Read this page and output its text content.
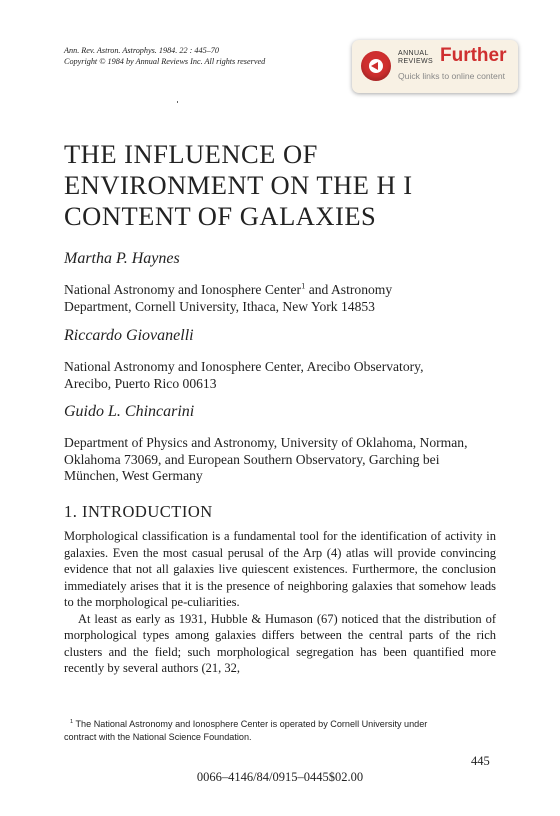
Ann. Rev. Astron. Astrophys. 1984. 22 : 445–70
Copyright © 1984 by Annual Reviews Inc. All rights reserved
ANNUAL
REVIEWS Further
Quick links to online content
THE INFLUENCE OF
ENVIRONMENT ON THE H I
CONTENT OF GALAXIES
Martha P. Haynes
National Astronomy and Ionosphere Center$^1$ and Astronomy
Department, Cornell University, Ithaca, New York 14853
Riccardo Giovanelli
National Astronomy and Ionosphere Center, Arecibo Observatory,
Arecibo, Puerto Rico 00613
Guido L. Chincarini
Department of Physics and Astronomy, University of Oklahoma, Norman,
Oklahoma 73069, and European Southern Observatory, Garching bei
München, West Germany
1. INTRODUCTION

Morphological classification is a fundamental tool for the identification of activity in galaxies. Even the most casual perusal of the Arp (4) atlas will provide convincing evidence that not all galaxies live quiescent existences. Furthermore, the conclusion immediately arises that it is the presence of neighboring galaxies that somehow leads to the morphological pe-culiarities.

At least as early as 1931, Hubble & Humason (67) noticed that the distribution of morphological types among galaxies differs between the central parts of the rich clusters and the field; such morphological segregation has been quantified more recently by several authors (21, 32,

$^1$ The National Astronomy and Ionosphere Center is operated by Cornell University under
contract with the National Science Foundation.
445
0066–4146/84/0915–0445$02.00
